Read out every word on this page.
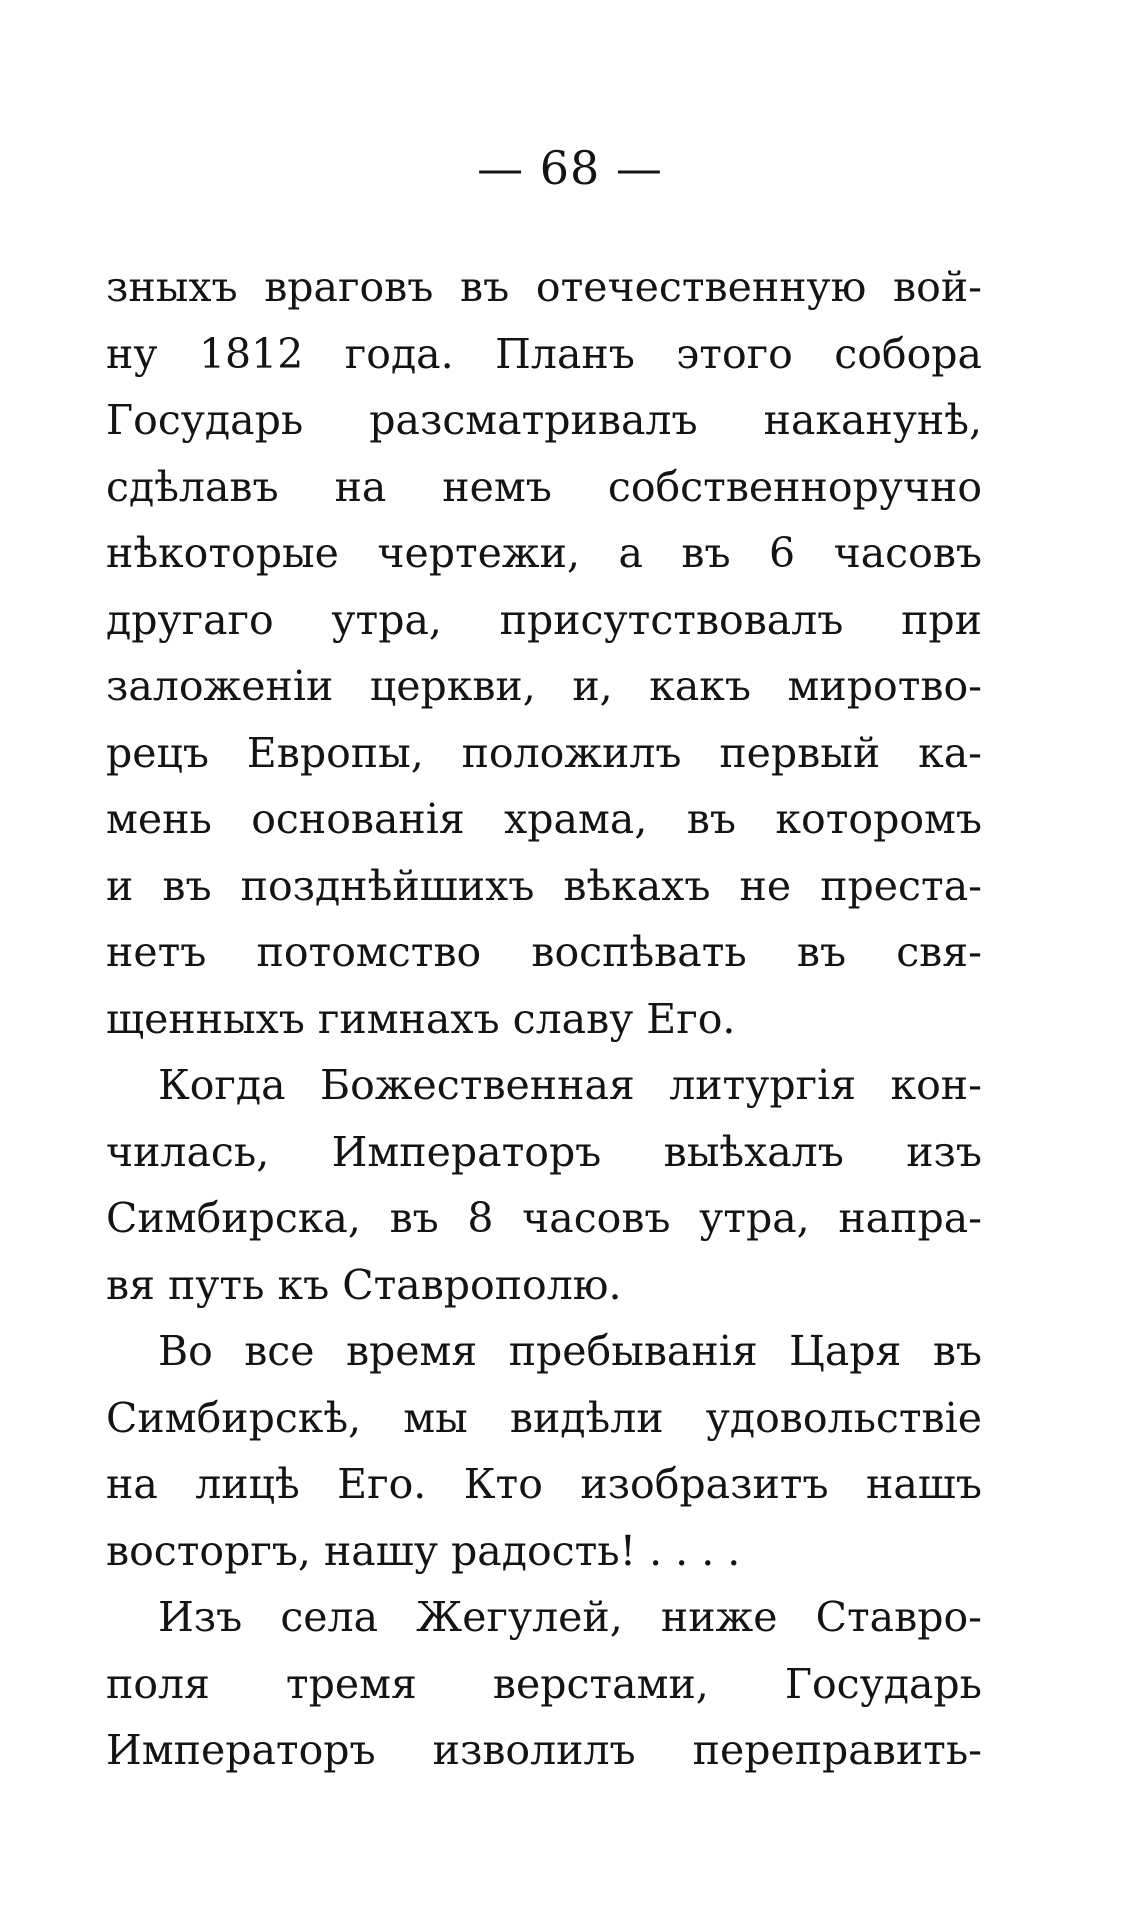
— 68 —
зныхъ враговъ въ отечественную вой-
ну 1812 года. Планъ этого собора
Государь разсматривалъ наканунѣ,
сдѣлавъ на немъ собственноручно
нѣкоторые чертежи, а въ 6 часовъ
другаго утра, присутствовалъ при
заложеніи церкви, и, какъ миротво-
рецъ Европы, положилъ первый ка-
мень основанія храма, въ которомъ
и въ позднѣйшихъ вѣкахъ не преста-
нетъ потомство воспѣвать въ свя-
щенныхъ гимнахъ славу Его.
Когда Божественная литургія кон-
чилась, Императоръ выѣхалъ изъ
Симбирска, въ 8 часовъ утра, напра-
вя путь къ Ставрополю.
Во все время пребыванія Царя въ
Симбирскѣ, мы видѣли удовольствіе
на лицѣ Его. Кто изобразитъ нашъ
восторгъ, нашу радость! . . . .
Изъ села Жегулей, ниже Ставро-
поля тремя верстами, Государь
Императоръ изволилъ переправить-
